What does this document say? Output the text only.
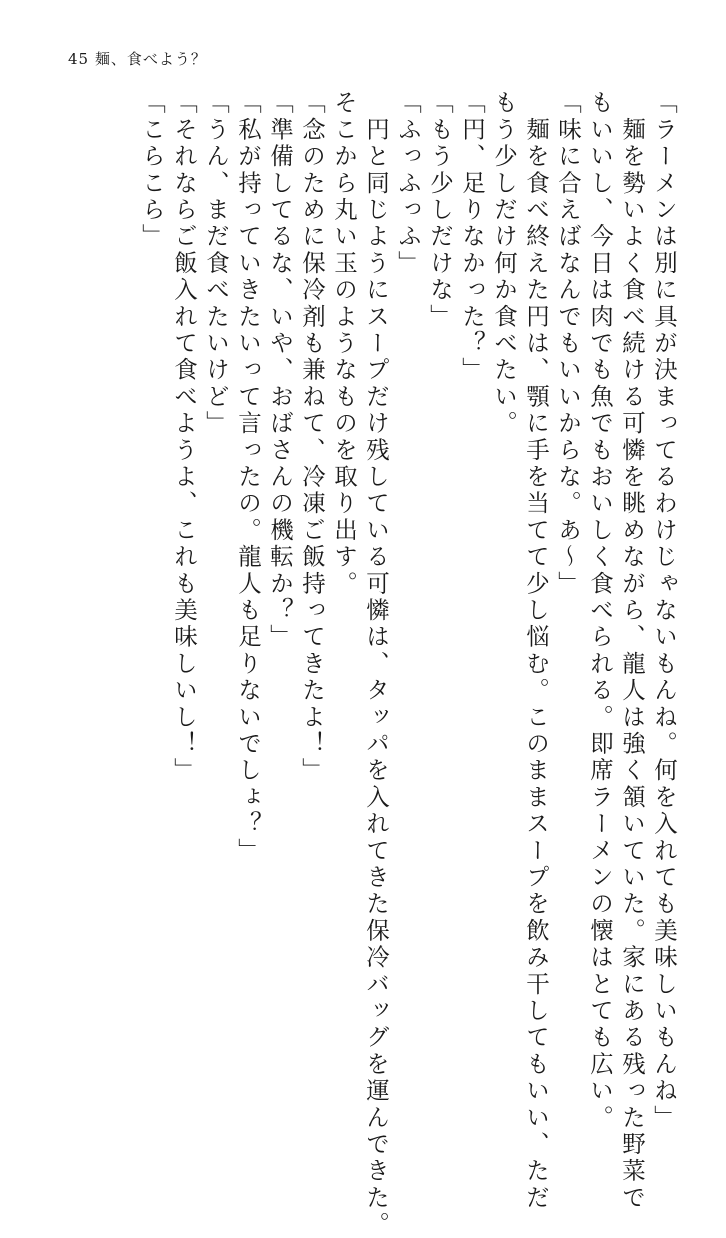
45 麺、食べよう？

「ラーメンは別に具が決まってるわけじゃないもんね。何を入れても美味しいもんね」

　麺を勢いよく食べ続ける可憐を眺めながら、龍人は強く頷いていた。家にある残った野菜で

もいいし、今日は肉でも魚でもおいしく食べられる。即席ラーメンの懐はとても広い。

「味に合えばなんでもいいからな。あ～」

　麺を食べ終えた円は、顎に手を当てて少し悩む。このままスープを飲み干してもいい、ただ

もう少しだけ何か食べたい。

「円、足りなかった？」

「もう少しだけな」

「ふっふっふ」

　円と同じようにスープだけ残している可憐は、タッパを入れてきた保冷バッグを運んできた。

そこから丸い玉のようなものを取り出す。

「念のために保冷剤も兼ねて、冷凍ご飯持ってきたよ！」

「準備してるな、いや、おばさんの機転か？」

「私が持っていきたいって言ったの。龍人も足りないでしょ？」

「うん、まだ食べたいけど」

「それならご飯入れて食べようよ、これも美味しいし！」

「こらこら」
